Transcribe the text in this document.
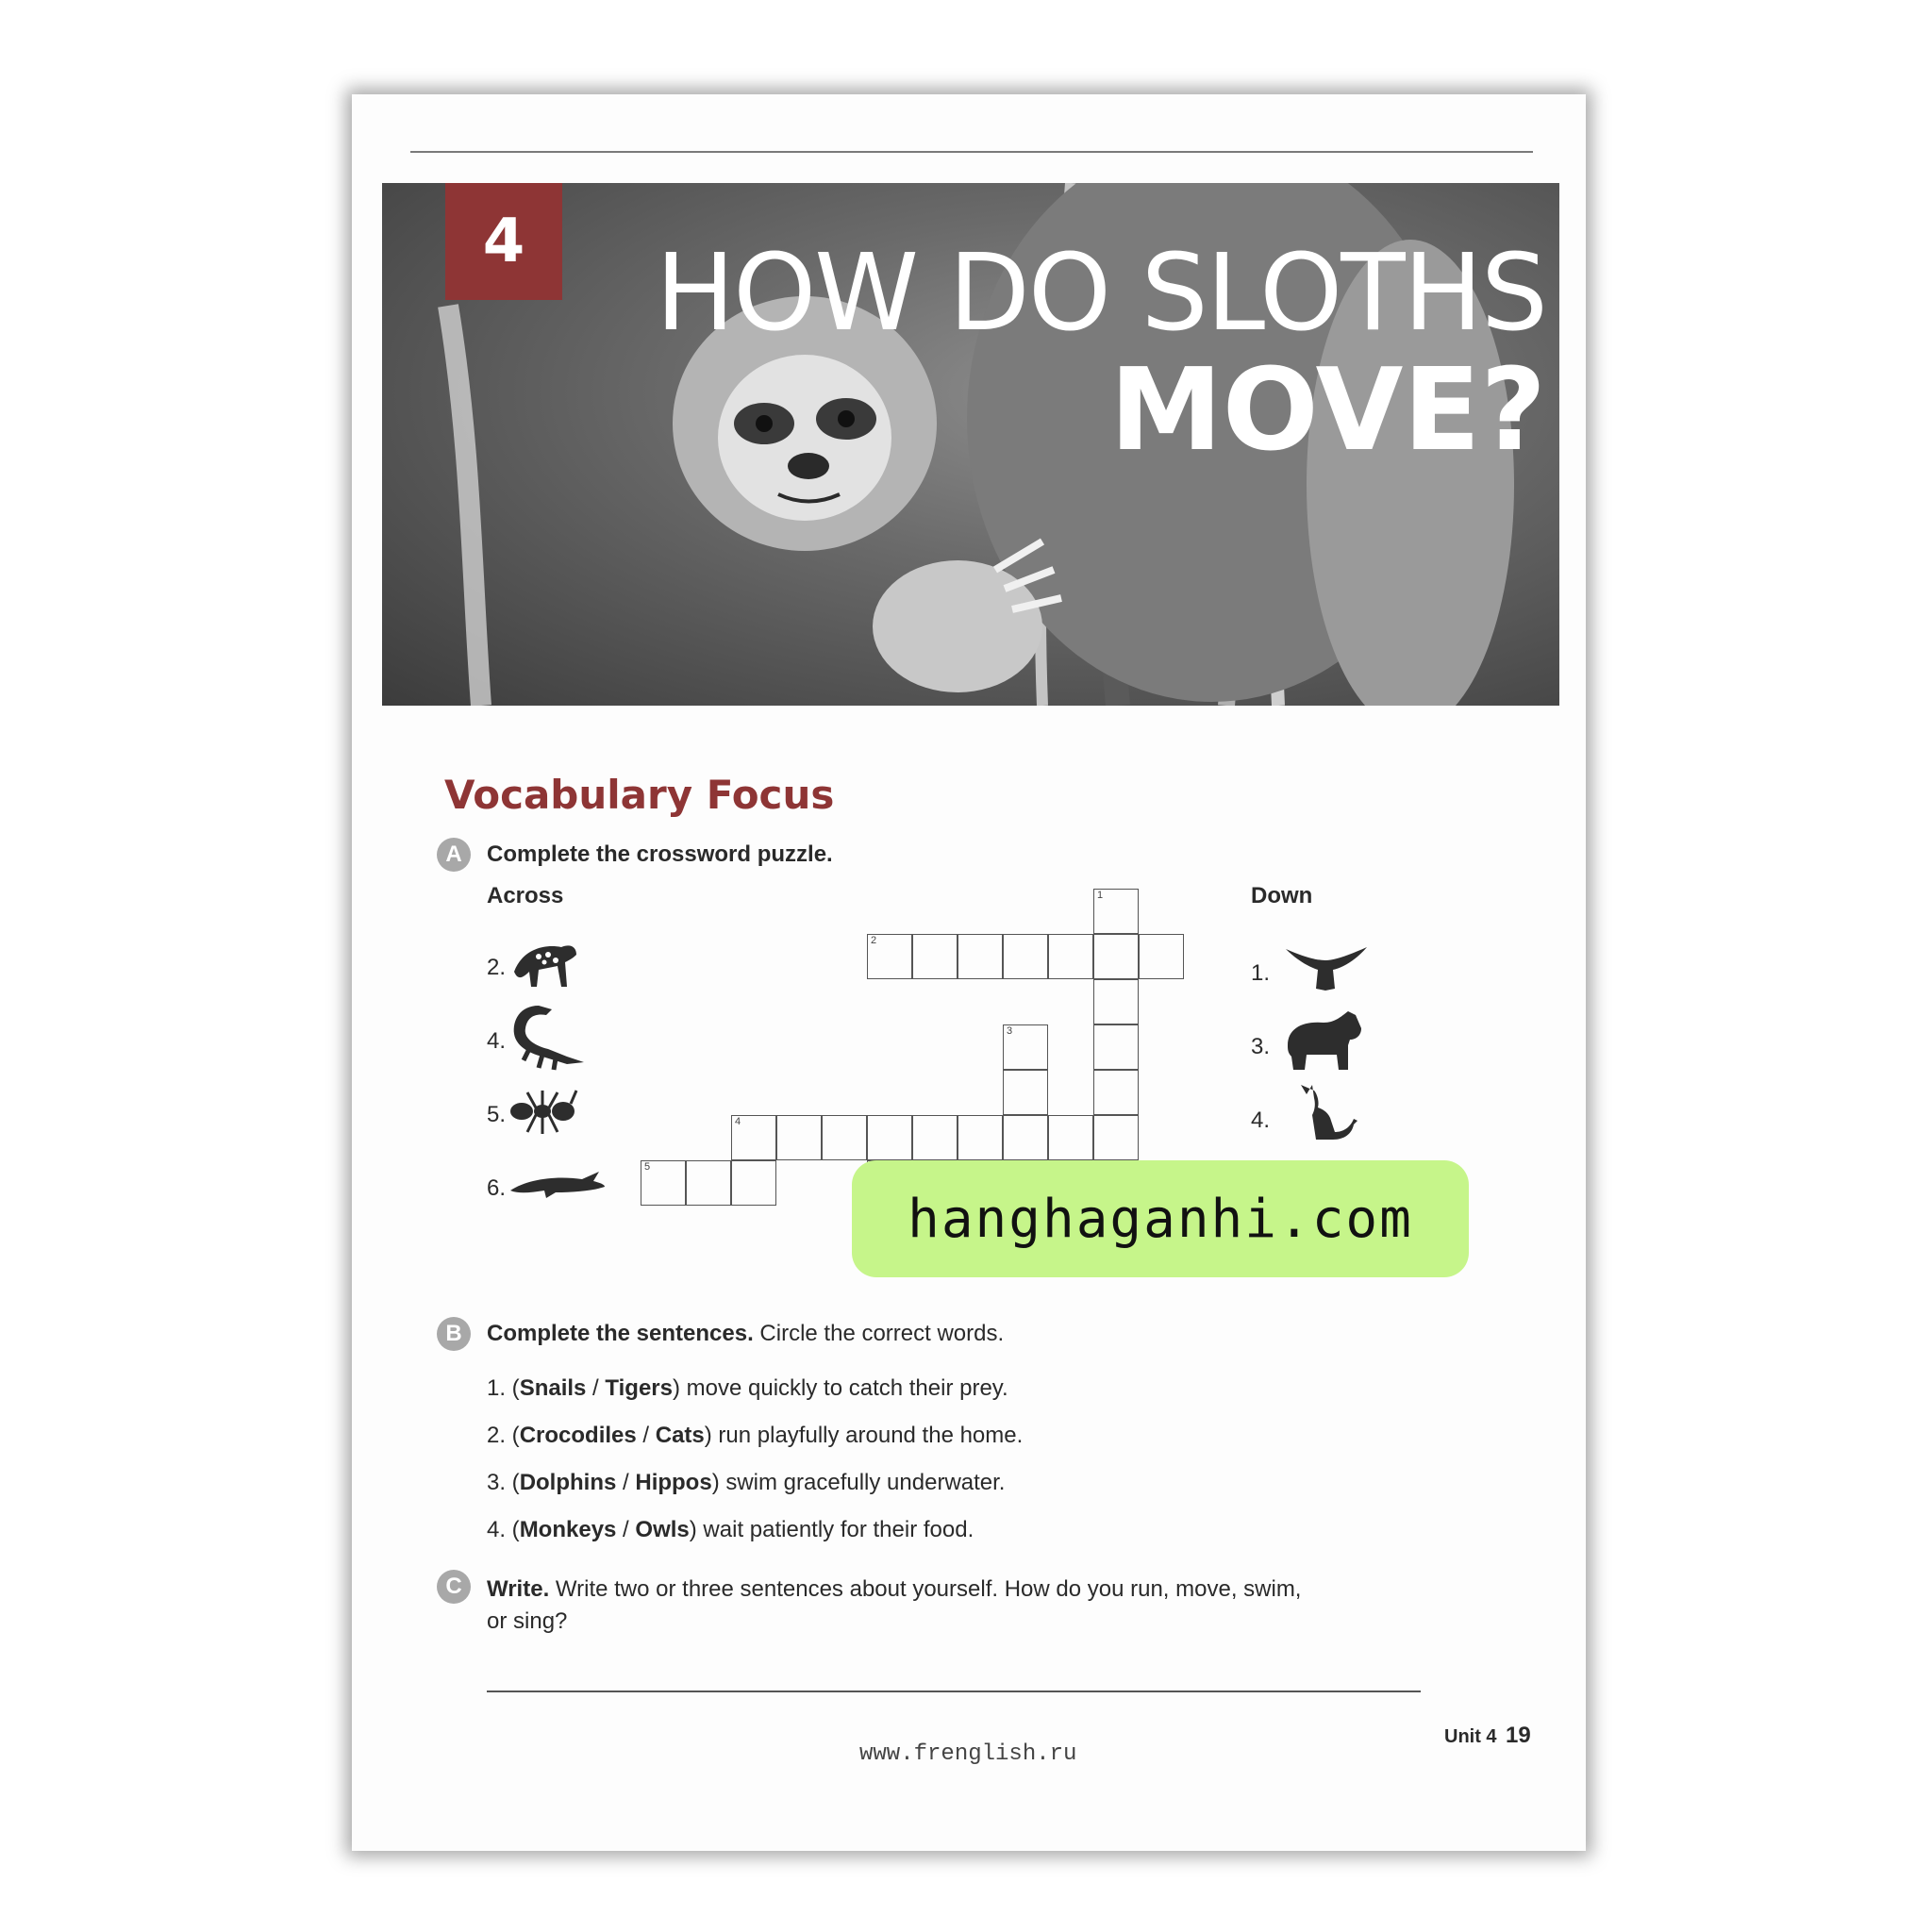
4	HOW DO SLOTHS
MOVE?
Vocabulary Focus
A	Complete the crossword puzzle.
Across	Down
2.
4.
5.
6.
1.
3.
4.
1
2
3
4
5
hanghaganhi.com
B	Complete the sentences. Circle the correct words.
1. (Snails / Tigers) move quickly to catch their prey.
2. (Crocodiles / Cats) run playfully around the home.
3. (Dolphins / Hippos) swim gracefully underwater.
4. (Monkeys / Owls) wait patiently for their food.
C	Write. Write two or three sentences about yourself. How do you run, move, swim,
or sing?
www.frenglish.ru
Unit 4 19
